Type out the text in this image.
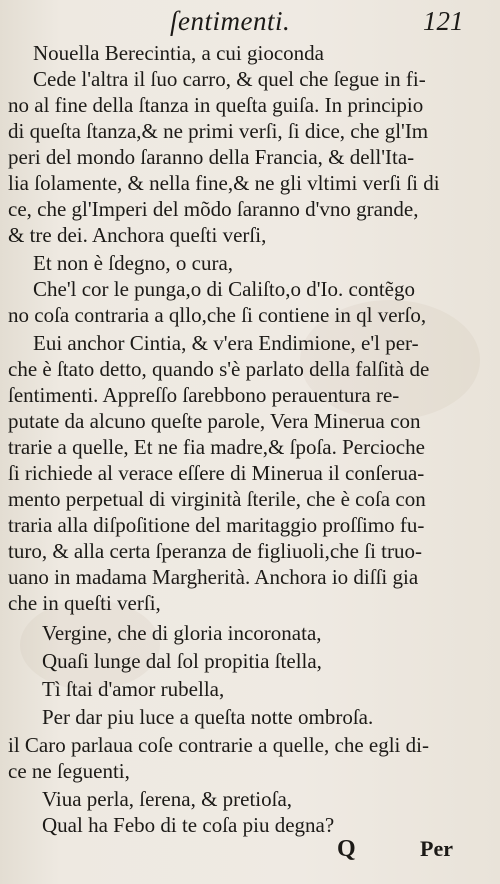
ſentimenti.	121
Nouella Berecintia, a cui gioconda
Cede l'altra il ſuo carro, & quel che ſegue in fi-
no al fine della ſtanza in queſta guiſa. In principio
di queſta ſtanza,& ne primi verſi, ſi dice, che gl'Im
peri del mondo ſaranno della Francia, & dell'Ita-
lia ſolamente, & nella fine,& ne gli vltimi verſi ſi di
ce, che gl'Imperi del mõdo ſaranno d'vno grande,
& tre dei. Anchora queſti verſi,
Et non è ſdegno, o cura,
Che'l cor le punga,o di Caliſto,o d'Io. contẽgo
no coſa contraria a qllo,che ſi contiene in ql verſo,
Eui anchor Cintia, & v'era Endimione, e'l per-
che è ſtato detto, quando s'è parlato della falſità de
ſentimenti. Appreſſo ſarebbono perauentura re-
putate da alcuno queſte parole, Vera Minerua con
trarie a quelle, Et ne fia madre,& ſpoſa. Percioche
ſi richiede al verace eſſere di Minerua il conſerua-
mento perpetual di virginità ſterile, che è coſa con
traria alla diſpoſitione del maritaggio proſſimo fu-
turo, & alla certa ſperanza de figliuoli,che ſi truo-
uano in madama Margherità. Anchora io diſſi gia
che in queſti verſi,
Vergine, che di gloria incoronata,
Quaſi lunge dal ſol propitia ſtella,
Tì ſtai d'amor rubella,
Per dar piu luce a queſta notte ombroſa.
il Caro parlaua coſe contrarie a quelle, che egli di-
ce ne ſeguenti,
Viua perla, ſerena, & pretioſa,
Qual ha Febo di te coſa piu degna?
Q	Per
